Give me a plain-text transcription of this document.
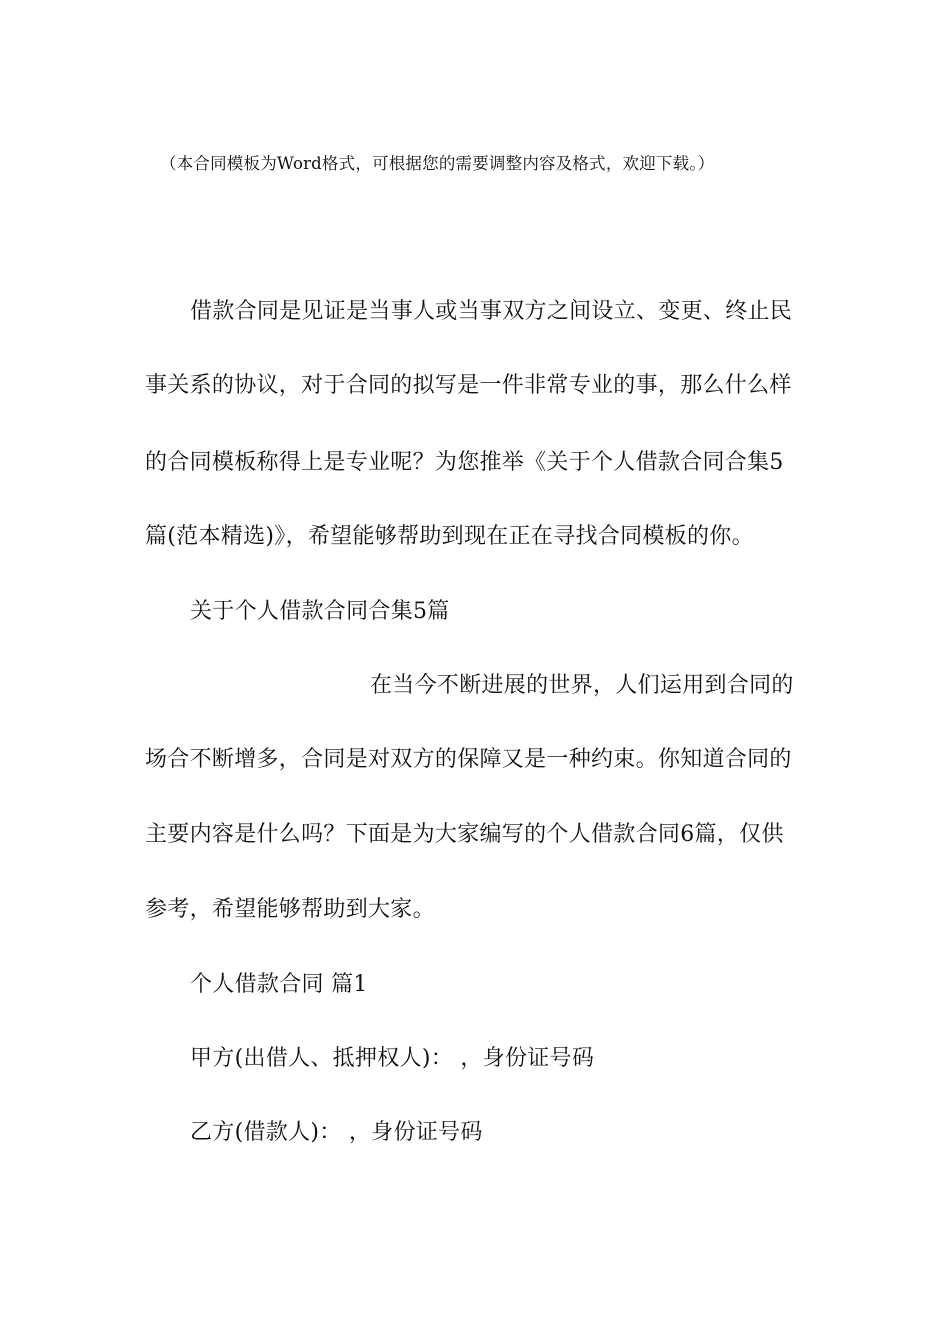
（本合同模板为Word格式，可根据您的需要调整内容及格式，欢迎下载。）
借款合同是见证是当事人或当事双方之间设立、变更、终止民
事关系的协议，对于合同的拟写是一件非常专业的事，那么什么样
的合同模板称得上是专业呢？为您推举《关于个人借款合同合集5
篇(范本精选)》，希望能够帮助到现在正在寻找合同模板的你。
关于个人借款合同合集5篇
在当今不断进展的世界，人们运用到合同的
场合不断增多，合同是对双方的保障又是一种约束。你知道合同的
主要内容是什么吗？下面是为大家编写的个人借款合同6篇，仅供
参考，希望能够帮助到大家。
个人借款合同 篇1
甲方(出借人、抵押权人)： ，身份证号码
乙方(借款人)： ，身份证号码
